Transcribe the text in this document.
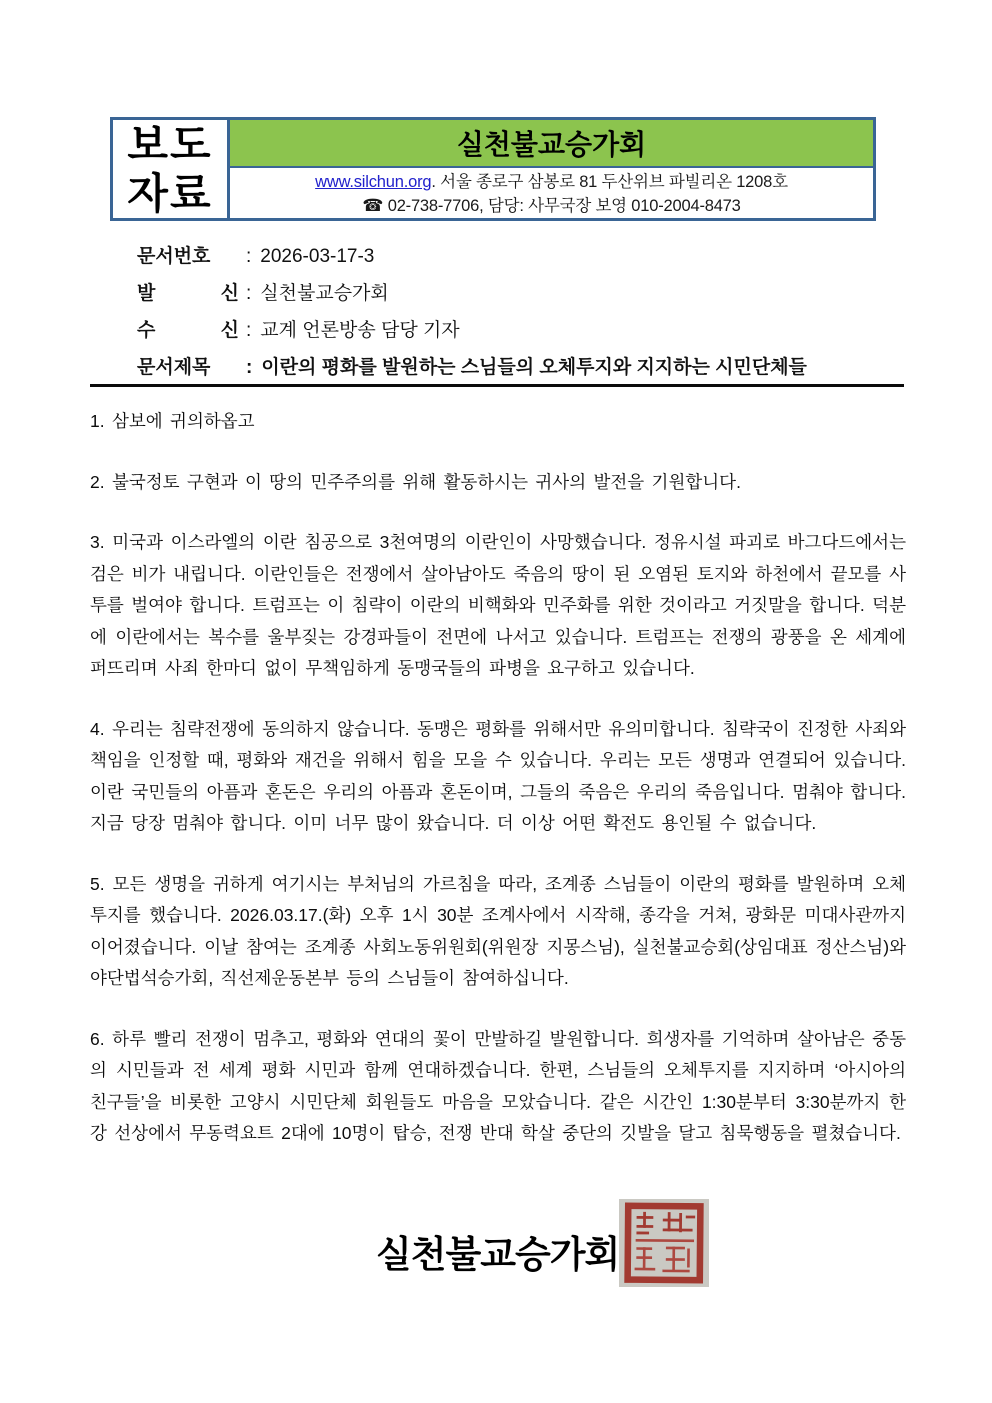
보도
자료
실천불교승가회
www.silchun.org. 서울 종로구 삼봉로 81 두산위브 파빌리온 1208호
☎ 02-738-7706, 담당: 사무국장 보영 010-2004-8473
문서번호 : 2026-03-17-3
발 신 : 실천불교승가회
수 신 : 교계 언론방송 담당 기자
문서제목 : 이란의 평화를 발원하는 스님들의 오체투지와 지지하는 시민단체들

1. 삼보에 귀의하옵고

2. 불국정토 구현과 이 땅의 민주주의를 위해 활동하시는 귀사의 발전을 기원합니다.

3. 미국과 이스라엘의 이란 침공으로 3천여명의 이란인이 사망했습니다. 정유시설 파괴로 바그다드에서는 검은 비가 내립니다. 이란인들은 전쟁에서 살아남아도 죽음의 땅이 된 오염된 토지와 하천에서 끝모를 사투를 벌여야 합니다. 트럼프는 이 침략이 이란의 비핵화와 민주화를 위한 것이라고 거짓말을 합니다. 덕분에 이란에서는 복수를 울부짖는 강경파들이 전면에 나서고 있습니다. 트럼프는 전쟁의 광풍을 온 세계에 퍼뜨리며 사죄 한마디 없이 무책임하게 동맹국들의 파병을 요구하고 있습니다.

4. 우리는 침략전쟁에 동의하지 않습니다. 동맹은 평화를 위해서만 유의미합니다. 침략국이 진정한 사죄와 책임을 인정할 때, 평화와 재건을 위해서 힘을 모을 수 있습니다. 우리는 모든 생명과 연결되어 있습니다. 이란 국민들의 아픔과 혼돈은 우리의 아픔과 혼돈이며, 그들의 죽음은 우리의 죽음입니다. 멈춰야 합니다. 지금 당장 멈춰야 합니다. 이미 너무 많이 왔습니다. 더 이상 어떤 확전도 용인될 수 없습니다.

5. 모든 생명을 귀하게 여기시는 부처님의 가르침을 따라, 조계종 스님들이 이란의 평화를 발원하며 오체투지를 했습니다. 2026.03.17.(화) 오후 1시 30분 조계사에서 시작해, 종각을 거쳐, 광화문 미대사관까지 이어졌습니다. 이날 참여는 조계종 사회노동위원회(위원장 지몽스님), 실천불교승회(상임대표 정산스님)와 야단법석승가회, 직선제운동본부 등의 스님들이 참여하십니다.

6. 하루 빨리 전쟁이 멈추고, 평화와 연대의 꽃이 만발하길 발원합니다. 희생자를 기억하며 살아남은 중동의 시민들과 전 세계 평화 시민과 함께 연대하겠습니다. 한편, 스님들의 오체투지를 지지하며 ‘아시아의 친구들’을 비롯한 고양시 시민단체 회원들도 마음을 모았습니다. 같은 시간인 1:30분부터 3:30분까지 한강 선상에서 무동력요트 2대에 10명이 탑승, 전쟁 반대 학살 중단의 깃발을 달고 침묵행동을 펼쳤습니다.

실천불교승가회
